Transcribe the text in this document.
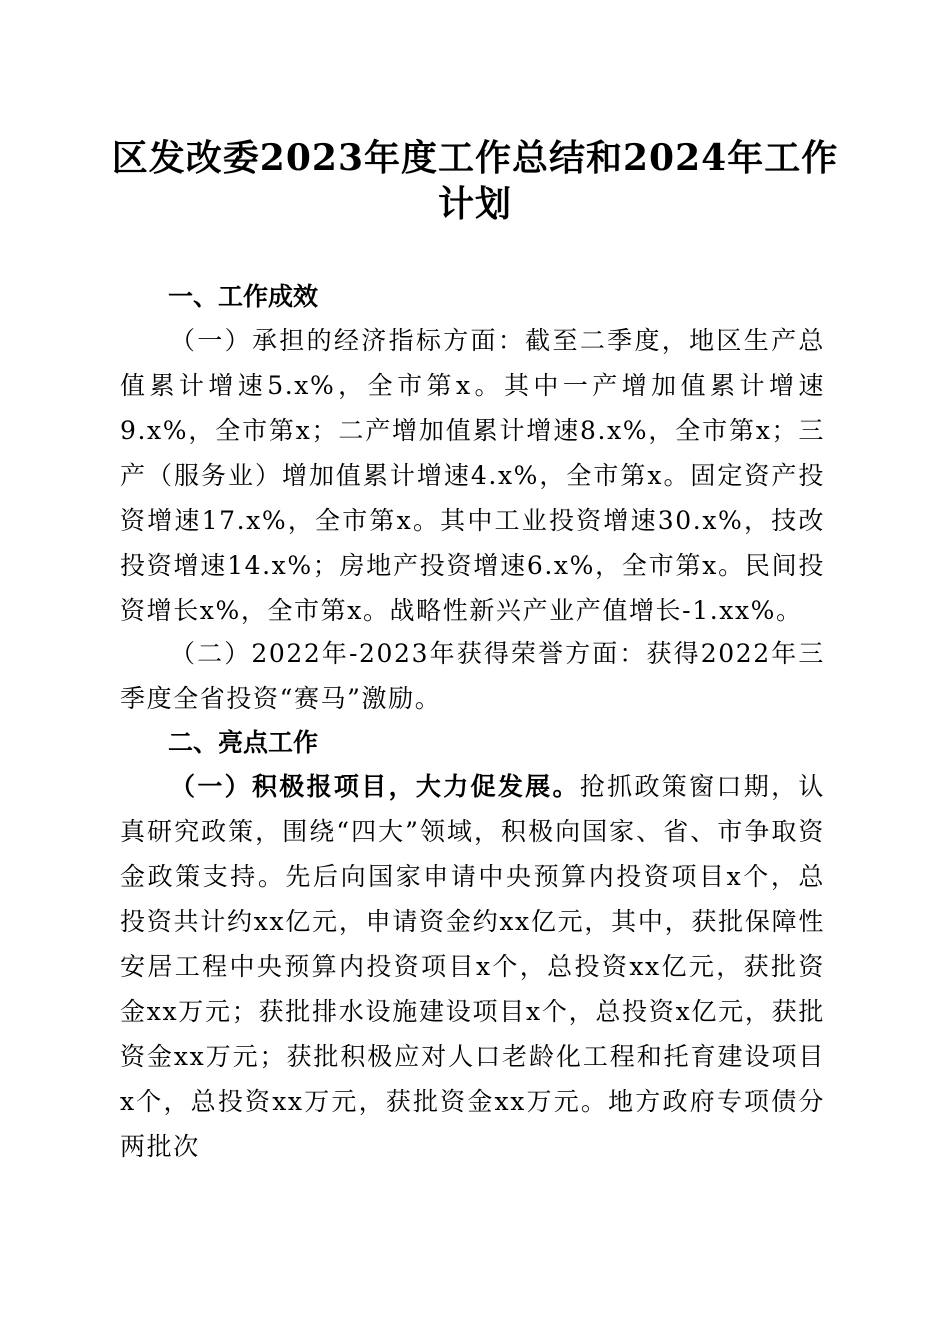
区发改委2023年度工作总结和2024年工作计划
一、工作成效
（一）承担的经济指标方面：截至二季度，地区生产总值累计增速5.x%，全市第x。其中一产增加值累计增速9.x%，全市第x；二产增加值累计增速8.x%，全市第x；三产（服务业）增加值累计增速4.x%，全市第x。固定资产投资增速17.x%，全市第x。其中工业投资增速30.x%，技改投资增速14.x%；房地产投资增速6.x%，全市第x。民间投资增长x%，全市第x。战略性新兴产业产值增长-1.xx%。
（二）2022年-2023年获得荣誉方面：获得2022年三季度全省投资“赛马”激励。
二、亮点工作
（一）积极报项目，大力促发展。抢抓政策窗口期，认真研究政策，围绕“四大”领域，积极向国家、省、市争取资金政策支持。先后向国家申请中央预算内投资项目x个，总投资共计约xx亿元，申请资金约xx亿元，其中，获批保障性安居工程中央预算内投资项目x个，总投资xx亿元，获批资金xx万元；获批排水设施建设项目x个，总投资x亿元，获批资金xx万元；获批积极应对人口老龄化工程和托育建设项目x个，总投资xx万元，获批资金xx万元。地方政府专项债分两批次
